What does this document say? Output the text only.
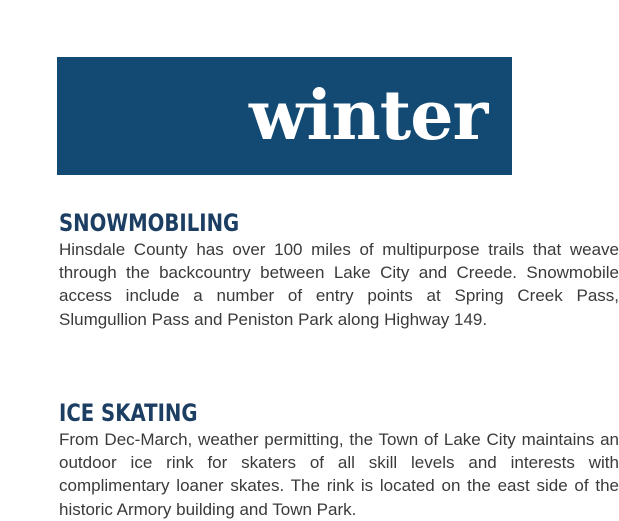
winter
SNOWMOBILING

Hinsdale County has over 100 miles of multipurpose trails that weave through the backcountry between Lake City and Creede. Snowmobile access include a number of entry points at Spring Creek Pass, Slumgullion Pass and Peniston Park along Highway 149.

ICE SKATING

From Dec-March, weather permitting, the Town of Lake City maintains an outdoor ice rink for skaters of all skill levels and interests with complimentary loaner skates. The rink is located on the east side of the historic Armory building and Town Park.
